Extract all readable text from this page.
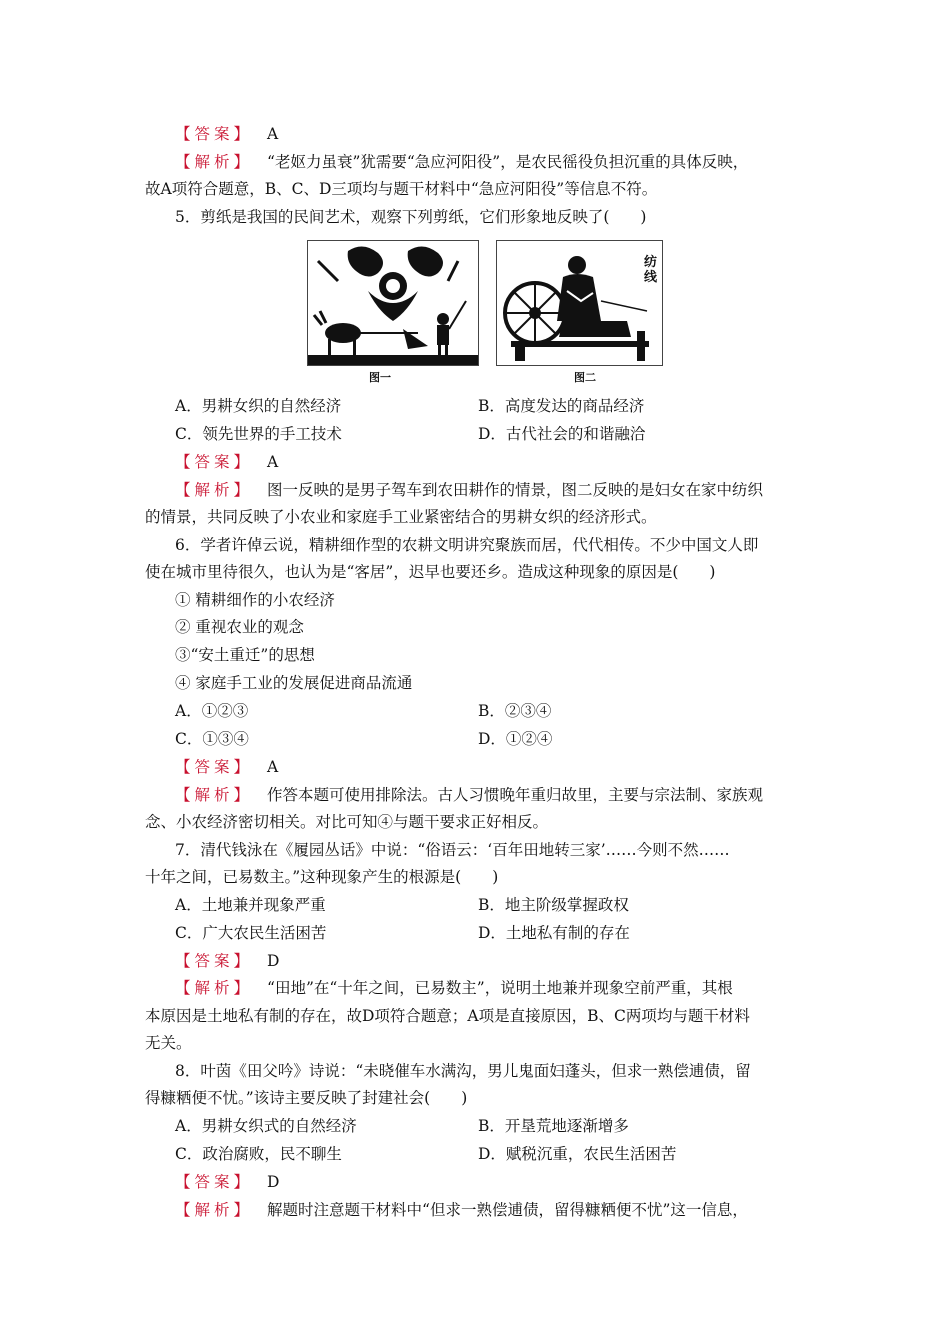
【答案】 A
【解析】 “老妪力虽衰”犹需要“急应河阳役”，是农民徭役负担沉重的具体反映，
故A项符合题意，B、C、D三项均与题干材料中“急应河阳役”等信息不符。
5．剪纸是我国的民间艺术，观察下列剪纸，它们形象地反映了(　　)
图一
纺线
图二
A．男耕女织的自然经济	B．高度发达的商品经济
C．领先世界的手工技术	D．古代社会的和谐融洽
【答案】 A
【解析】 图一反映的是男子驾车到农田耕作的情景，图二反映的是妇女在家中纺织
的情景，共同反映了小农业和家庭手工业紧密结合的男耕女织的经济形式。
6．学者许倬云说，精耕细作型的农耕文明讲究聚族而居，代代相传。不少中国文人即
使在城市里待很久，也认为是“客居”，迟早也要还乡。造成这种现象的原因是(　　)
① 精耕细作的小农经济
② 重视农业的观念
③“安土重迁”的思想
④ 家庭手工业的发展促进商品流通
A．①②③	B．②③④
C．①③④	D．①②④
【答案】 A
【解析】 作答本题可使用排除法。古人习惯晚年重归故里，主要与宗法制、家族观
念、小农经济密切相关。对比可知④与题干要求正好相反。
7．清代钱泳在《履园丛话》中说：“俗语云：‘百年田地转三家’……今则不然……
十年之间，已易数主。”这种现象产生的根源是(　　)
A．土地兼并现象严重	B．地主阶级掌握政权
C．广大农民生活困苦	D．土地私有制的存在
【答案】 D
【解析】 “田地”在“十年之间，已易数主”，说明土地兼并现象空前严重，其根
本原因是土地私有制的存在，故D项符合题意；A项是直接原因，B、C两项均与题干材料
无关。
8．叶茵《田父吟》诗说：“未晓催车水满沟，男儿鬼面妇蓬头，但求一熟偿逋债，留
得糠粞便不忧。”该诗主要反映了封建社会(　　)
A．男耕女织式的自然经济	B．开垦荒地逐渐增多
C．政治腐败，民不聊生	D．赋税沉重，农民生活困苦
【答案】 D
【解析】 解题时注意题干材料中“但求一熟偿逋债，留得糠粞便不忧”这一信息，
